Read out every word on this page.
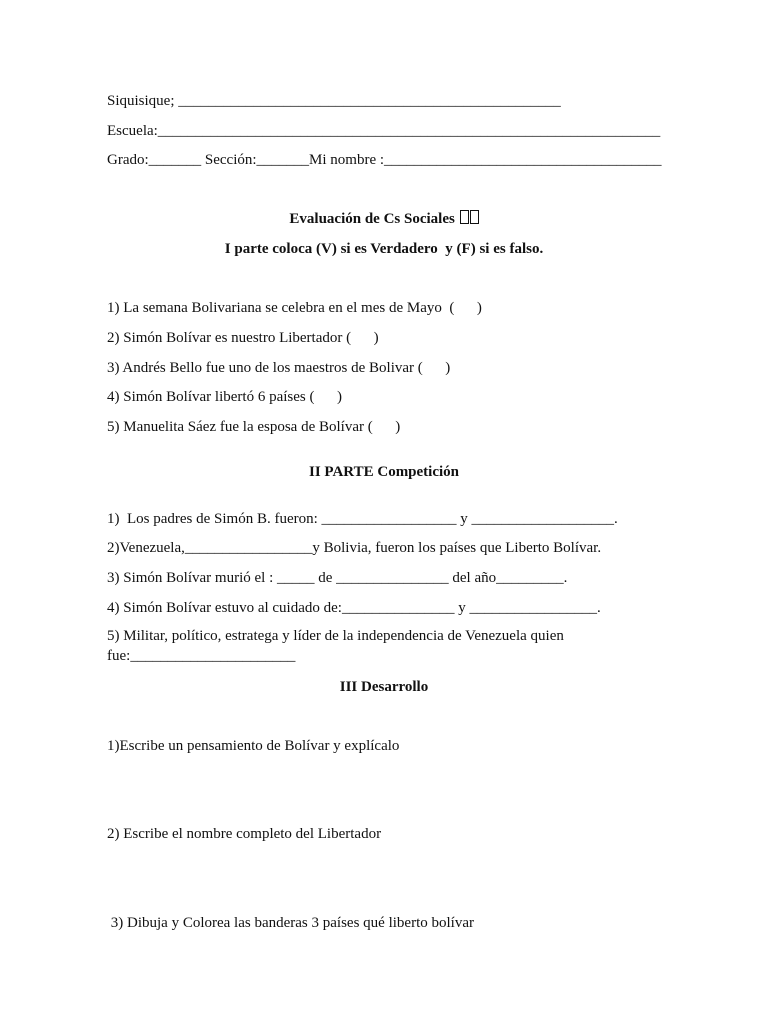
Siquisique; ___________________________________________________
Escuela:___________________________________________________________________
Grado:_______ Sección:_______Mi nombre :_____________________________________
Evaluación de Cs Sociales
I parte coloca (V) si es Verdadero  y (F) si es falso.
1) La semana Bolivariana se celebra en el mes de Mayo  (      )
2) Simón Bolívar es nuestro Libertador (      )
3) Andrés Bello fue uno de los maestros de Bolivar (      )
4) Simón Bolívar libertó 6 países (      )
5) Manuelita Sáez fue la esposa de Bolívar (      )
II PARTE Competición
1)  Los padres de Simón B. fueron: __________________ y ___________________.
2)Venezuela,_________________y Bolivia, fueron los países que Liberto Bolívar.
3) Simón Bolívar murió el : _____ de _______________ del año_________.
4) Simón Bolívar estuvo al cuidado de:_______________ y _________________.
5) Militar, político, estratega y líder de la independencia de Venezuela quien fue:______________________
III Desarrollo
1)Escribe un pensamiento de Bolívar y explícalo
2) Escribe el nombre completo del Libertador
3) Dibuja y Colorea las banderas 3 países qué liberto bolívar
